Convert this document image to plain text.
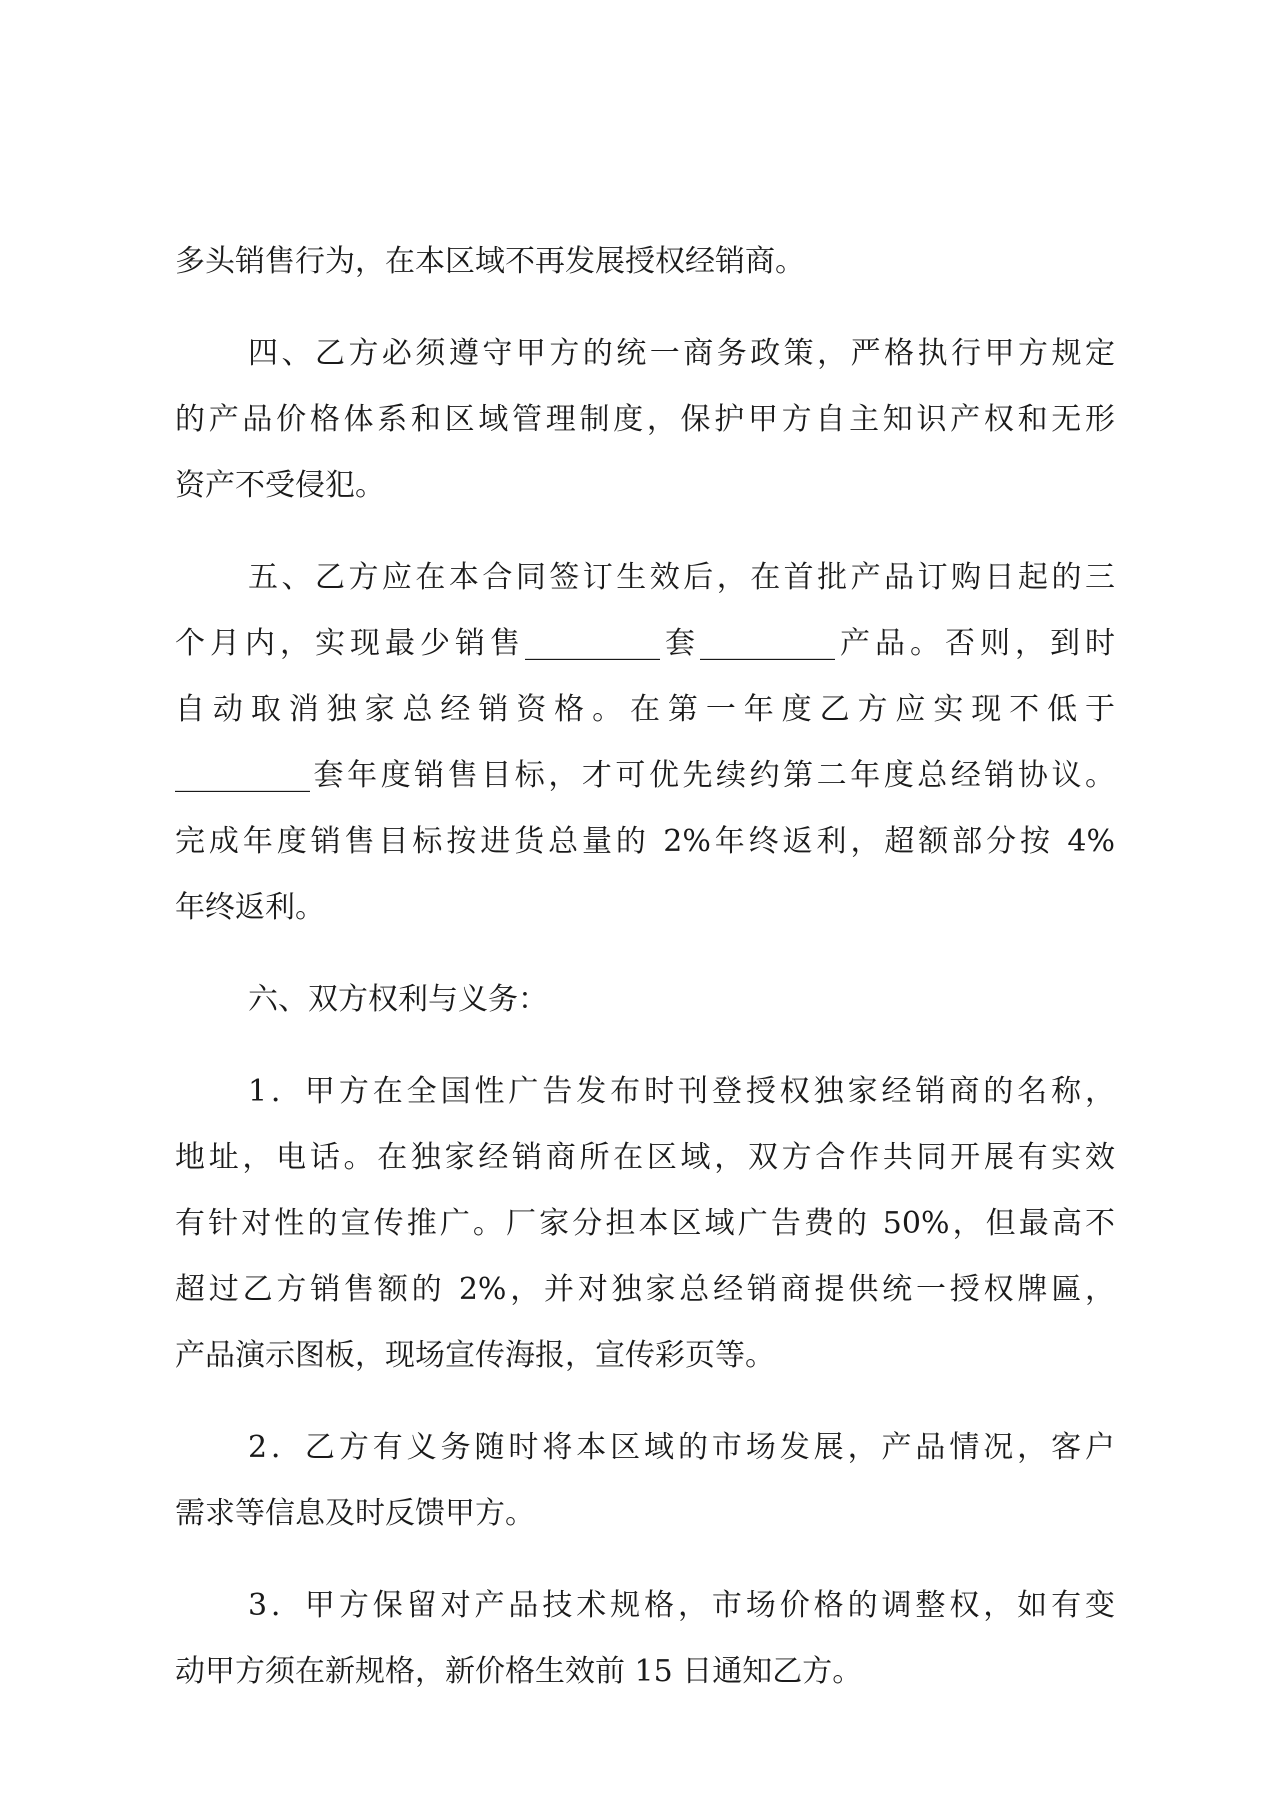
多头销售行为，在本区域不再发展授权经销商。
四、乙方必须遵守甲方的统一商务政策，严格执行甲方规定
的产品价格体系和区域管理制度，保护甲方自主知识产权和无形
资产不受侵犯。
五、乙方应在本合同签订生效后，在首批产品订购日起的三
个月内，实现最少销售_________套_________产品。否则，到时
自动取消独家总经销资格。在第一年度乙方应实现不低于
_________套年度销售目标，才可优先续约第二年度总经销协议。
完成年度销售目标按进货总量的 2%年终返利，超额部分按 4%
年终返利。
六、双方权利与义务：
1．甲方在全国性广告发布时刊登授权独家经销商的名称，
地址，电话。在独家经销商所在区域，双方合作共同开展有实效
有针对性的宣传推广。厂家分担本区域广告费的 50%，但最高不
超过乙方销售额的 2%，并对独家总经销商提供统一授权牌匾，
产品演示图板，现场宣传海报，宣传彩页等。
2．乙方有义务随时将本区域的市场发展，产品情况，客户
需求等信息及时反馈甲方。
3．甲方保留对产品技术规格，市场价格的调整权，如有变
动甲方须在新规格，新价格生效前 15 日通知乙方。
